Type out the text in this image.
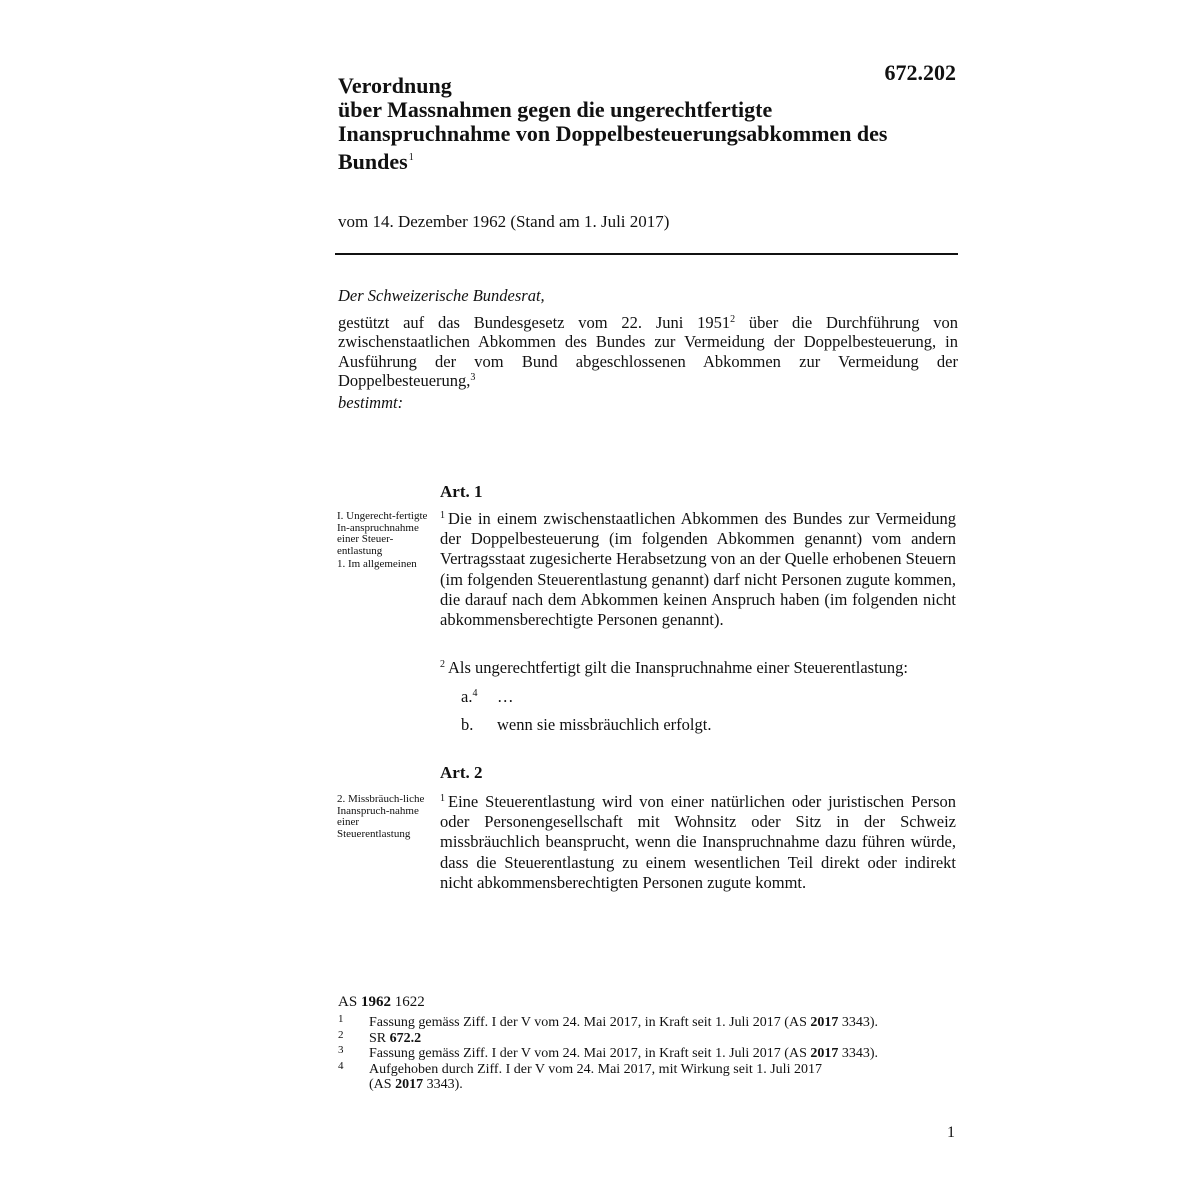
672.202
Verordnung
über Massnahmen gegen die ungerechtfertigte
Inanspruchnahme von Doppelbesteuerungsabkommen des
Bundes$^1$
vom 14. Dezember 1962 (Stand am 1. Juli 2017)

Der Schweizerische Bundesrat,

gestützt auf das Bundesgesetz vom 22. Juni 1951$^2$ über die Durchführung von zwischenstaatlichen Abkommen des Bundes zur Vermeidung der Doppelbesteuerung, in Ausführung der vom Bund abgeschlossenen Abkommen zur Vermeidung der Doppelbesteuerung,$^3$

bestimmt:

Art. 1
I. Ungerecht-fertigte In-anspruchnahme einer Steuer-entlastung
1. Im allgemeinen
$^1$ Die in einem zwischenstaatlichen Abkommen des Bundes zur Vermeidung der Doppelbesteuerung (im folgenden Abkommen genannt) vom andern Vertragsstaat zugesicherte Herabsetzung von an der Quelle erhobenen Steuern (im folgenden Steuerentlastung genannt) darf nicht Personen zugute kommen, die darauf nach dem Abkommen keinen Anspruch haben (im folgenden nicht abkommensberechtigte Personen genannt).
$^2$ Als ungerechtfertigt gilt die Inanspruchnahme einer Steuerentlastung:
a.$^4$ …
b. wenn sie missbräuchlich erfolgt.
Art. 2
2. Missbräuch-liche Inanspruch-nahme einer Steuerentlastung
$^1$ Eine Steuerentlastung wird von einer natürlichen oder juristischen Person oder Personengesellschaft mit Wohnsitz oder Sitz in der Schweiz missbräuchlich beansprucht, wenn die Inanspruchnahme dazu führen würde, dass die Steuerentlastung zu einem wesentlichen Teil direkt oder indirekt nicht abkommensberechtigten Personen zugute kommt.
AS 1962 1622
1 Fassung gemäss Ziff. I der V vom 24. Mai 2017, in Kraft seit 1. Juli 2017 (AS 2017 3343).
2 SR 672.2
3 Fassung gemäss Ziff. I der V vom 24. Mai 2017, in Kraft seit 1. Juli 2017 (AS 2017 3343).
4 Aufgehoben durch Ziff. I der V vom 24. Mai 2017, mit Wirkung seit 1. Juli 2017
(AS 2017 3343).
1
